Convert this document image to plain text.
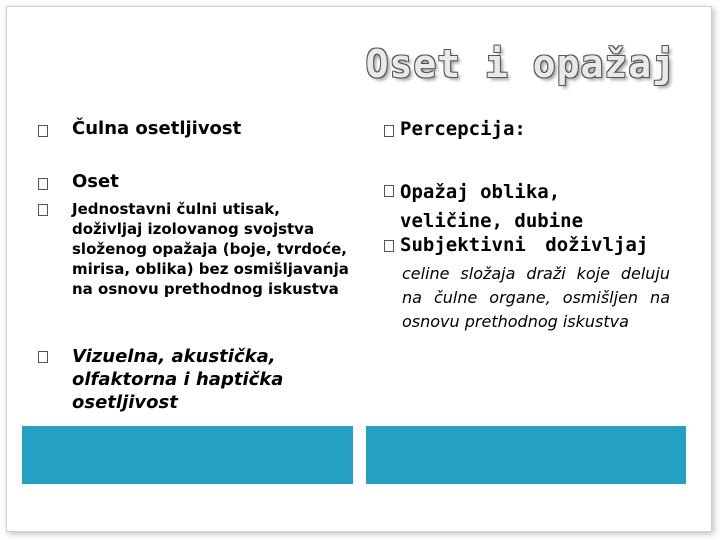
Oset i opažaj
Čulna osetljivost
Oset
Jednostavni čulni utisak, doživljaj izolovanog svojstva složenog opažaja (boje, tvrdoće, mirisa, oblika) bez osmišljavanja na osnovu prethodnog iskustva
Vizuelna, akustička, olfaktorna i haptička osetljivost
Percepcija:
Opažaj oblika, veličine, dubine
Subjektivni doživljaj
celine složaja draži koje deluju na čulne organe, osmišljen na osnovu prethodnog iskustva
